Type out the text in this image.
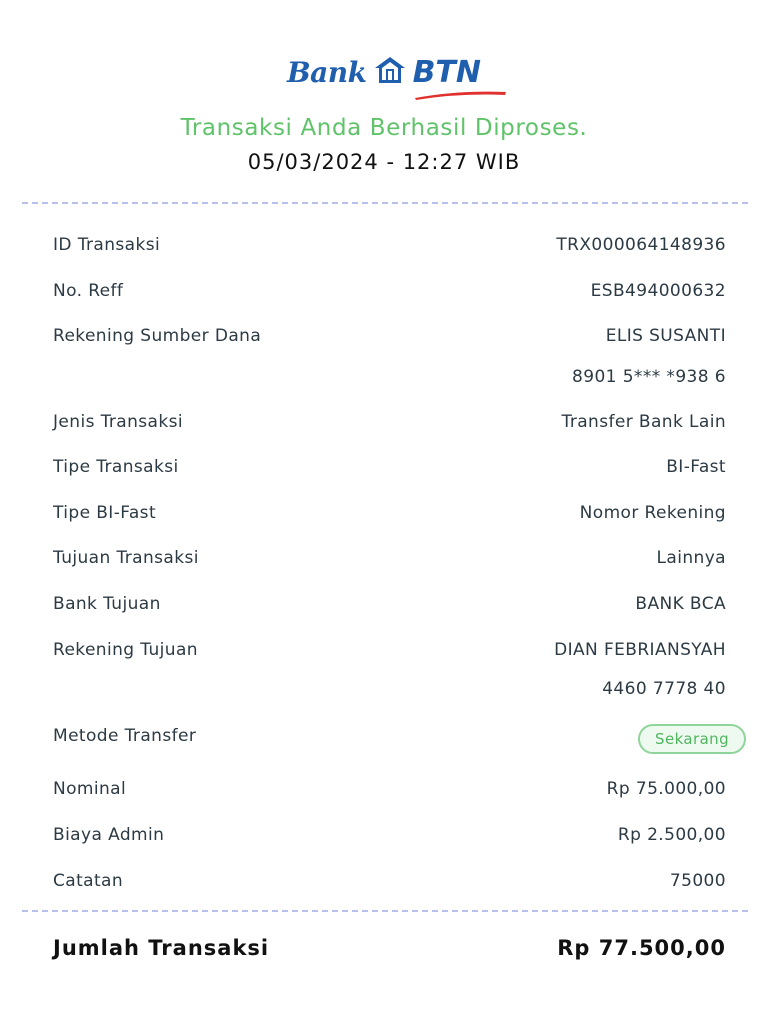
Bank BTN
Transaksi Anda Berhasil Diproses.
05/03/2024 - 12:27 WIB
ID Transaksi	TRX000064148936
No. Reff	ESB494000632
Rekening Sumber Dana	ELIS SUSANTI
8901 5*** *938 6
Jenis Transaksi	Transfer Bank Lain
Tipe Transaksi	BI-Fast
Tipe BI-Fast	Nomor Rekening
Tujuan Transaksi	Lainnya
Bank Tujuan	BANK BCA
Rekening Tujuan	DIAN FEBRIANSYAH
4460 7778 40
Metode Transfer	Sekarang
Nominal	Rp 75.000,00
Biaya Admin	Rp 2.500,00
Catatan	75000
Jumlah Transaksi	Rp 77.500,00
